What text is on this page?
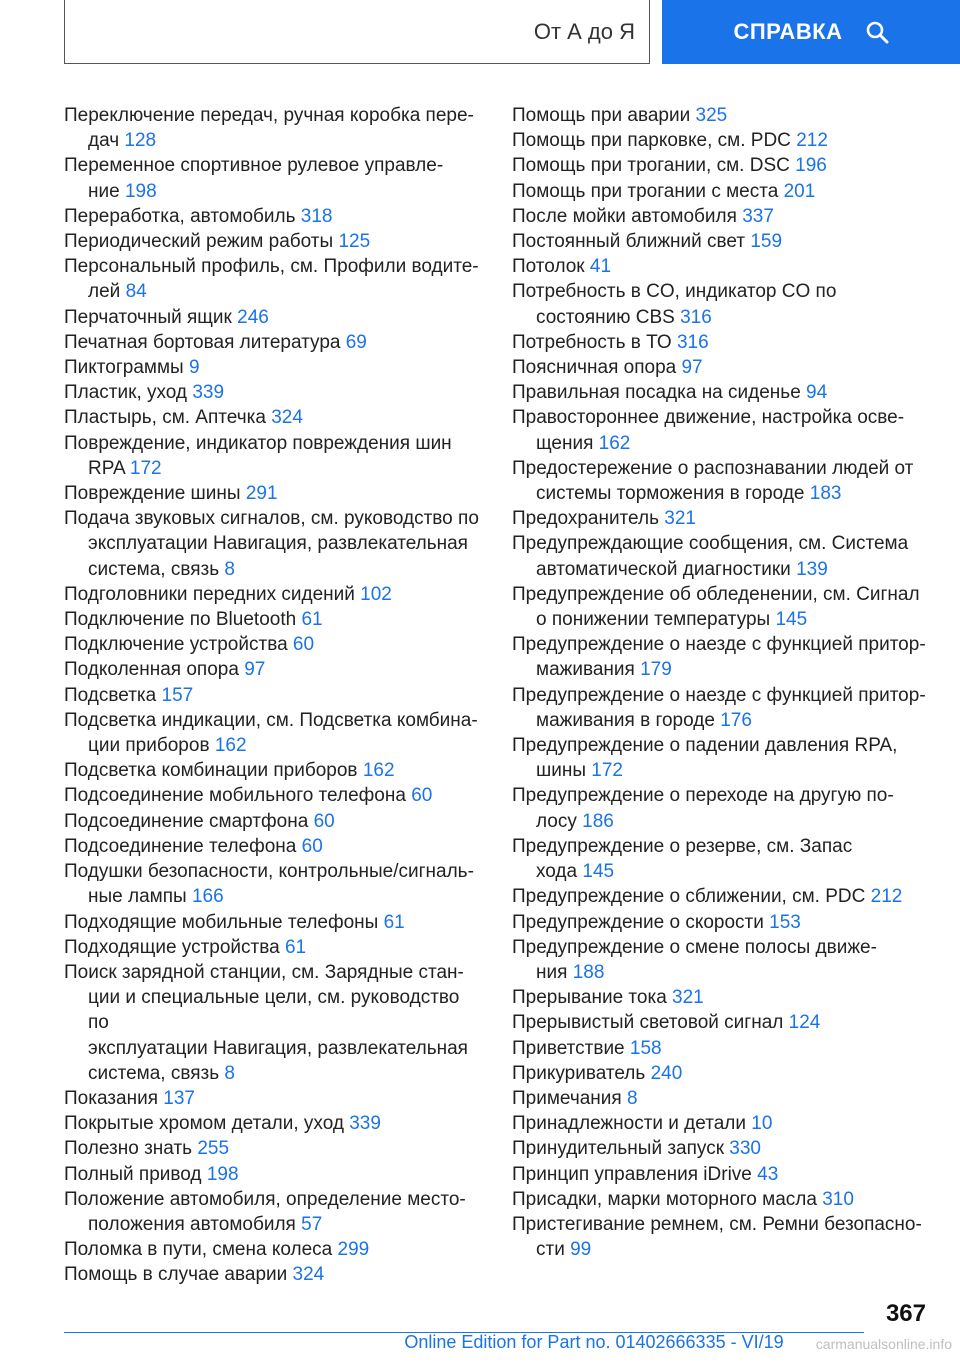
От А до Я	СПРАВКА
Переключение передач, ручная коробка пере-
дач 128
Переменное спортивное рулевое управле-
ние 198
Переработка, автомобиль 318
Периодический режим работы 125
Персональный профиль, см. Профили водите-
лей 84
Перчаточный ящик 246
Печатная бортовая литература 69
Пиктограммы 9
Пластик, уход 339
Пластырь, см. Аптечка 324
Повреждение, индикатор повреждения шин
RPA 172
Повреждение шины 291
Подача звуковых сигналов, см. руководство по
эксплуатации Навигация, развлекательная
система, связь 8
Подголовники передних сидений 102
Подключение по Bluetooth 61
Подключение устройства 60
Подколенная опора 97
Подсветка 157
Подсветка индикации, см. Подсветка комбина-
ции приборов 162
Подсветка комбинации приборов 162
Подсоединение мобильного телефона 60
Подсоединение смартфона 60
Подсоединение телефона 60
Подушки безопасности, контрольные/сигналь-
ные лампы 166
Подходящие мобильные телефоны 61
Подходящие устройства 61
Поиск зарядной станции, см. Зарядные стан-
ции и специальные цели, см. руководство по
эксплуатации Навигация, развлекательная
система, связь 8
Показания 137
Покрытые хромом детали, уход 339
Полезно знать 255
Полный привод 198
Положение автомобиля, определение место-
положения автомобиля 57
Поломка в пути, смена колеса 299
Помощь в случае аварии 324
Помощь при аварии 325
Помощь при парковке, см. PDC 212
Помощь при трогании, см. DSC 196
Помощь при трогании с места 201
После мойки автомобиля 337
Постоянный ближний свет 159
Потолок 41
Потребность в CO, индикатор CO по
состоянию CBS 316
Потребность в ТО 316
Поясничная опора 97
Правильная посадка на сиденье 94
Правостороннее движение, настройка осве-
щения 162
Предостережение о распознавании людей от
системы торможения в городе 183
Предохранитель 321
Предупреждающие сообщения, см. Система
автоматической диагностики 139
Предупреждение об обледенении, см. Сигнал
о понижении температуры 145
Предупреждение о наезде с функцией притор-
маживания 179
Предупреждение о наезде с функцией притор-
маживания в городе 176
Предупреждение о падении давления RPA,
шины 172
Предупреждение о переходе на другую по-
лосу 186
Предупреждение о резерве, см. Запас
хода 145
Предупреждение о сближении, см. PDC 212
Предупреждение о скорости 153
Предупреждение о смене полосы движе-
ния 188
Прерывание тока 321
Прерывистый световой сигнал 124
Приветствие 158
Прикуриватель 240
Примечания 8
Принадлежности и детали 10
Принудительный запуск 330
Принцип управления iDrive 43
Присадки, марки моторного масла 310
Пристегивание ремнем, см. Ремни безопасно-
сти 99
367
Online Edition for Part no. 01402666335 - VI/19	carmanualsonline.info
